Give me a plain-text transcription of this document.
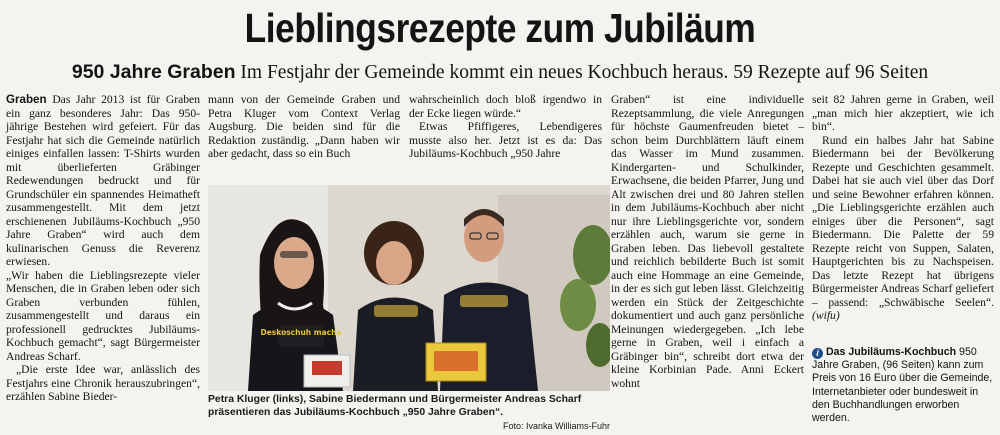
Lieblingsrezepte zum Jubiläum
950 Jahre Graben Im Festjahr der Gemeinde kommt ein neues Kochbuch heraus. 59 Rezepte auf 96 Seiten

Graben Das Jahr 2013 ist für Graben ein ganz besonderes Jahr: Das 950-jährige Bestehen wird gefeiert. Für das Festjahr hat sich die Gemeinde natürlich einiges einfallen lassen: T-Shirts wurden mit überlieferten Gräbinger Redewendungen bedruckt und für Grundschüler ein spannendes Heimatheft zusammengestellt. Mit dem jetzt erschienenen Jubiläums-Kochbuch „950 Jahre Graben“ wird auch dem kulinarischen Genuss die Reverenz erwiesen.

„Wir haben die Lieblingsrezepte vieler Menschen, die in Graben leben oder sich Graben verbunden fühlen, zusammengestellt und daraus ein professionell gedrucktes Jubiläums-Kochbuch gemacht“, sagt Bürgermeister Andreas Scharf.

„Die erste Idee war, anlässlich des Festjahrs eine Chronik herauszubringen“, erzählen Sabine Bieder-

mann von der Gemeinde Graben und Petra Kluger vom Context Verlag Augsburg. Die beiden sind für die Redaktion zuständig. „Dann haben wir aber gedacht, dass so ein Buch

wahrscheinlich doch bloß irgendwo in der Ecke liegen würde.“

Etwas Pfiffigeres, Lebendigeres musste also her. Jetzt ist es da: Das Jubiläums-Kochbuch „950 Jahre

Graben“ ist eine individuelle Rezeptsammlung, die viele Anregungen für höchste Gaumenfreuden bietet – schon beim Durchblättern läuft einem das Wasser im Mund zusammen. Kindergarten- und Schulkinder, Erwachsene, die beiden Pfarrer, Jung und Alt zwischen drei und 80 Jahren stellen in dem Jubiläums-Kochbuch aber nicht nur ihre Lieblingsgerichte vor, sondern erzählen auch, warum sie gerne in Graben leben. Das liebevoll gestaltete und reichlich bebilderte Buch ist somit auch eine Hommage an eine Gemeinde, in der es sich gut leben lässt. Gleichzeitig werden ein Stück der Zeitgeschichte dokumentiert und auch ganz persönliche Meinungen wiedergegeben. „Ich lebe gerne in Graben, weil i einfach a Gräbinger bin“, schreibt dort etwa der kleine Korbinian Pade. Anni Eckert wohnt

seit 82 Jahren gerne in Graben, weil „man mich hier akzeptiert, wie ich bin“.

Rund ein halbes Jahr hat Sabine Biedermann bei der Bevölkerung Rezepte und Geschichten gesammelt. Dabei hat sie auch viel über das Dorf und seine Bewohner erfahren können. „Die Lieblingsgerichte erzählen auch einiges über die Personen“, sagt Biedermann. Die Palette der 59 Rezepte reicht von Suppen, Salaten, Hauptgerichten bis zu Nachspeisen. Das letzte Rezept hat übrigens Bürgermeister Andreas Scharf geliefert – passend: „Schwäbische Seelen“. (wifu)

Deskoschuh macha
Petra Kluger (links), Sabine Biedermann und Bürgermeister Andreas Scharf präsentieren das Jubiläums-Kochbuch „950 Jahre Graben“.
Foto: Ivanka Williams-Fuhr
i Das Jubiläums-Kochbuch 950 Jahre Graben, (96 Seiten) kann zum Preis von 16 Euro über die Gemeinde, Internetanbieter oder bundesweit in den Buchhandlungen erworben werden.
